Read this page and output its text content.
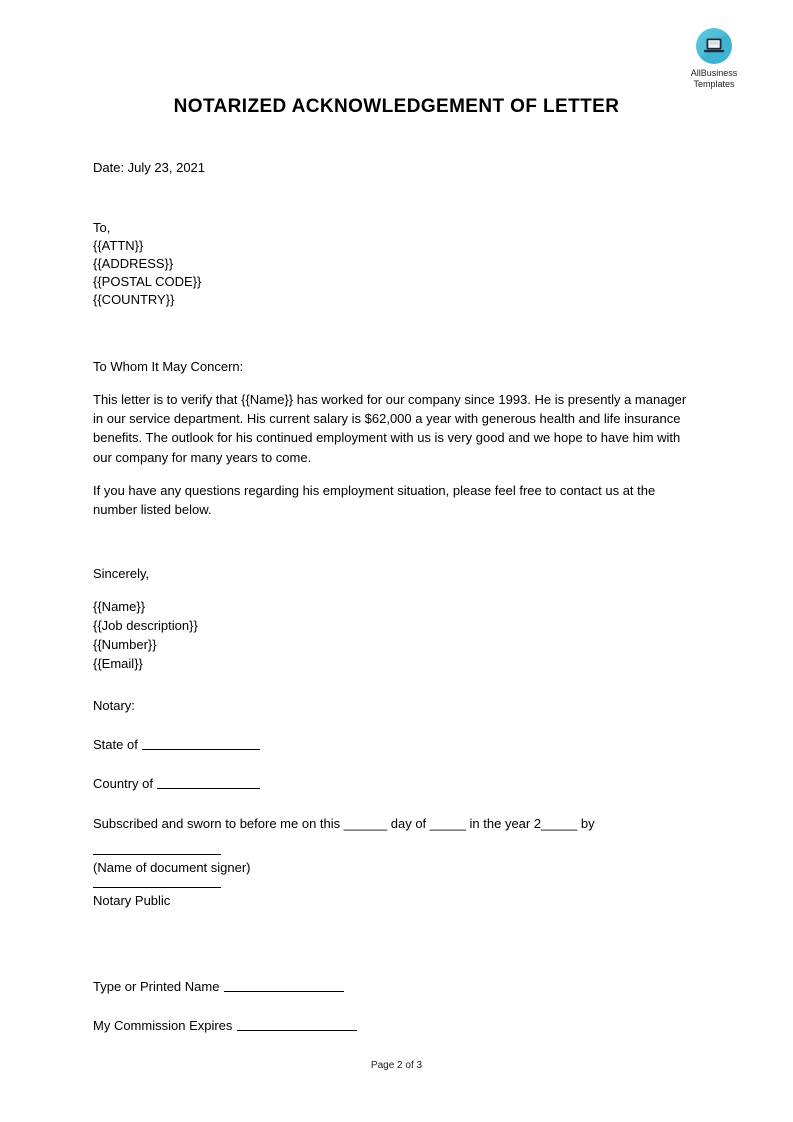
AllBusiness
Templates
NOTARIZED ACKNOWLEDGEMENT OF LETTER
Date: July 23, 2021
To,
{{ATTN}}
{{ADDRESS}}
{{POSTAL CODE}}
{{COUNTRY}}
To Whom It May Concern:
This letter is to verify that {{Name}} has worked for our company since 1993. He is presently a manager in our service department. His current salary is $62,000 a year with generous health and life insurance benefits. The outlook for his continued employment with us is very good and we hope to have him with our company for many years to come.
If you have any questions regarding his employment situation, please feel free to contact us at the number listed below.
Sincerely,
{{Name}}
{{Job description}}
{{Number}}
{{Email}}
Notary:
State of
Country of
Subscribed and sworn to before me on this ______ day of _____ in the year 2_____ by
(Name of document signer)
Notary Public
Type or Printed Name
My Commission Expires
Page 2 of 3
